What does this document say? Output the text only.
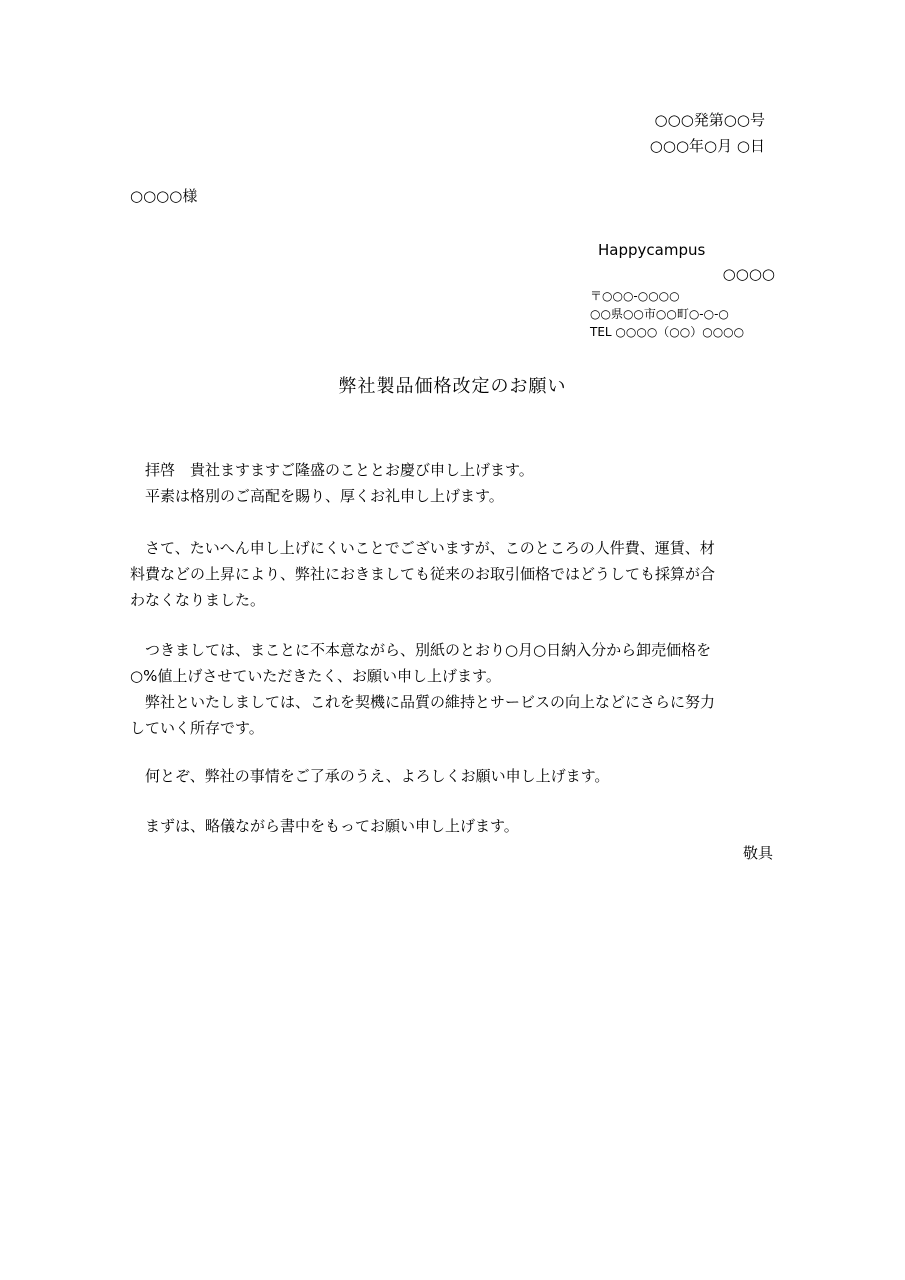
○○○発第○○号
○○○年○月 ○日
○○○○様
Happycampus
○○○○
〒○○○-○○○○
○○県○○市○○町○-○-○
TEL ○○○○（○○）○○○○
弊社製品価格改定のお願い
拝啓　貴社ますますご隆盛のこととお慶び申し上げます。
平素は格別のご高配を賜り、厚くお礼申し上げます。
さて、たいへん申し上げにくいことでございますが、このところの人件費、運賃、材
料費などの上昇により、弊社におきましても従来のお取引価格ではどうしても採算が合
わなくなりました。
つきましては、まことに不本意ながら、別紙のとおり○月○日納入分から卸売価格を
○%値上げさせていただきたく、お願い申し上げます。
弊社といたしましては、これを契機に品質の維持とサービスの向上などにさらに努力
していく所存です。
何とぞ、弊社の事情をご了承のうえ、よろしくお願い申し上げます。
まずは、略儀ながら書中をもってお願い申し上げます。
敬具
